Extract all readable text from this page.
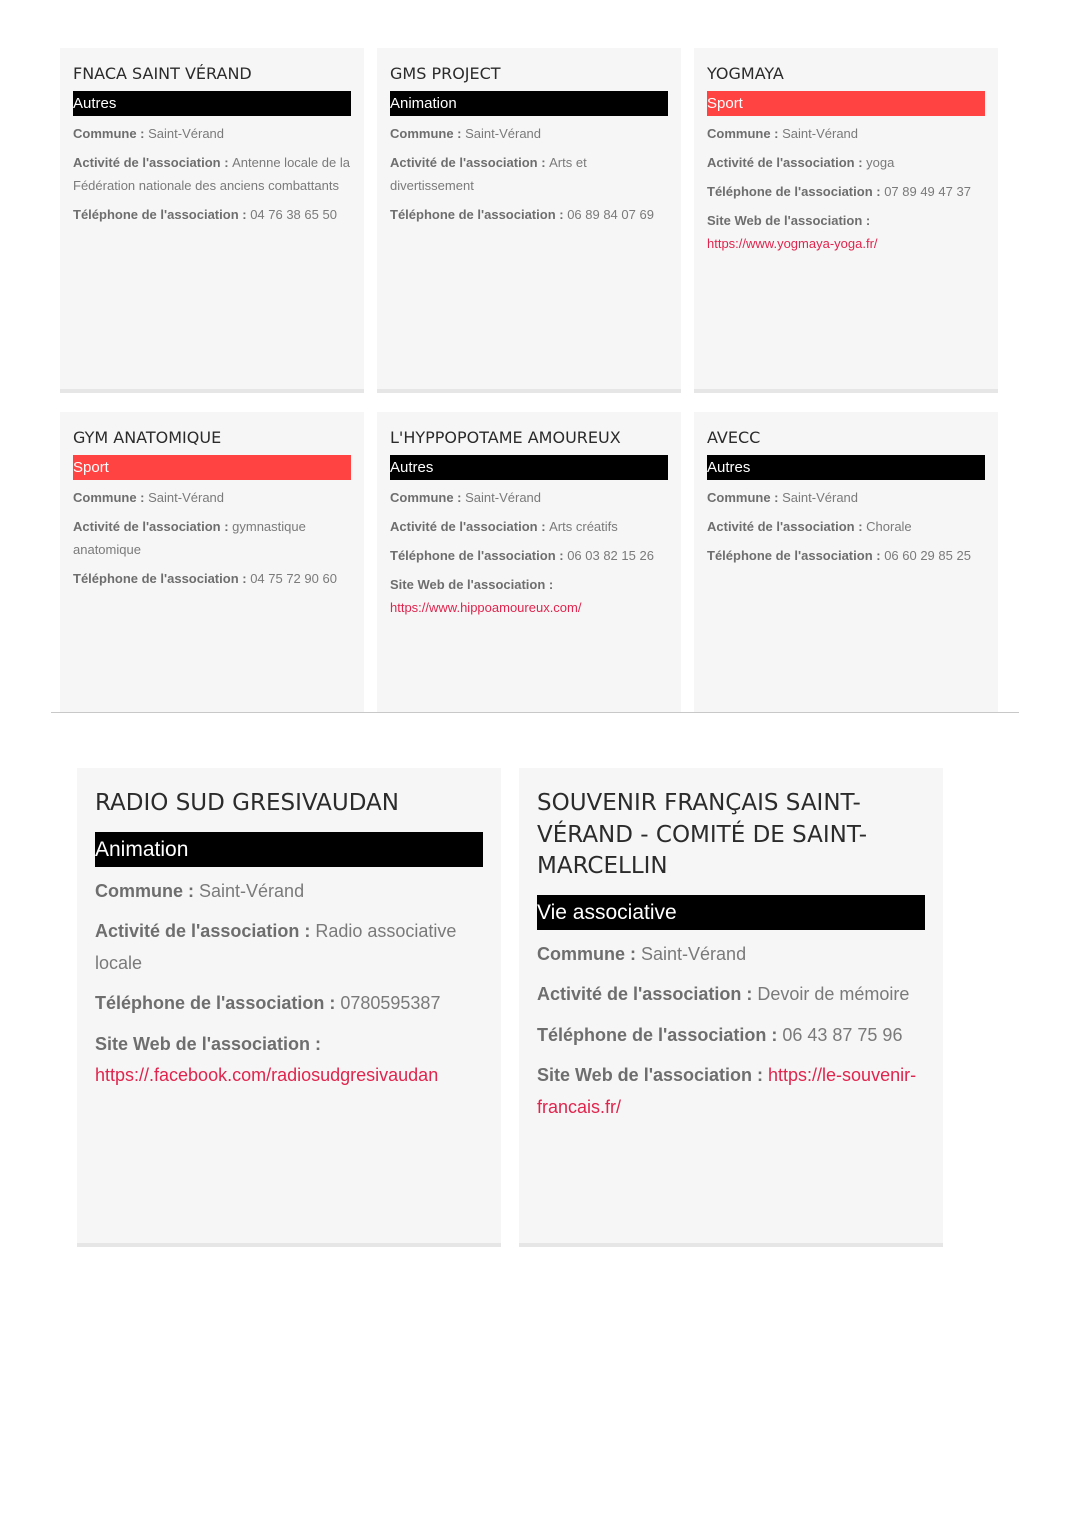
FNACA SAINT VÉRAND
Autres

Commune : Saint-Vérand

Activité de l'association : Antenne locale de la Fédération nationale des anciens combattants

Téléphone de l'association : 04 76 38 65 50

GMS PROJECT
Animation

Commune : Saint-Vérand

Activité de l'association : Arts et divertissement

Téléphone de l'association : 06 89 84 07 69

YOGMAYA
Sport

Commune : Saint-Vérand

Activité de l'association : yoga

Téléphone de l'association : 07 89 49 47 37

Site Web de l'association : https://www.yogmaya-yoga.fr/

GYM ANATOMIQUE
Sport

Commune : Saint-Vérand

Activité de l'association : gymnastique anatomique

Téléphone de l'association : 04 75 72 90 60

L'HYPPOPOTAME AMOUREUX
Autres

Commune : Saint-Vérand

Activité de l'association : Arts créatifs

Téléphone de l'association : 06 03 82 15 26

Site Web de l'association : https://www.hippoamoureux.com/

AVECC
Autres

Commune : Saint-Vérand

Activité de l'association : Chorale

Téléphone de l'association : 06 60 29 85 25

RADIO SUD GRESIVAUDAN
Animation

Commune : Saint-Vérand

Activité de l'association : Radio associative locale

Téléphone de l'association : 0780595387

Site Web de l'association :
https://.facebook.com/radiosudgresivaudan

SOUVENIR FRANÇAIS SAINT-VÉRAND - COMITÉ DE SAINT-MARCELLIN
Vie associative

Commune : Saint-Vérand

Activité de l'association : Devoir de mémoire

Téléphone de l'association : 06 43 87 75 96

Site Web de l'association : https://le-souvenir-francais.fr/
